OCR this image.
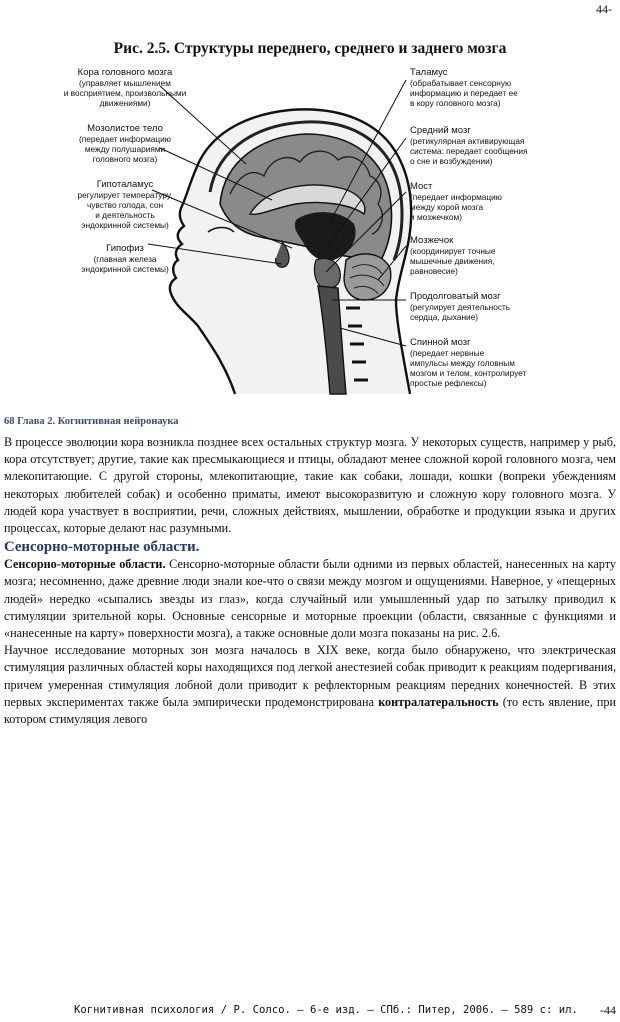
44-
Рис. 2.5. Структуры переднего, среднего и заднего мозга
Кора головного мозга
(управляет мышлением
и восприятием, произвольными
движениями)
Мозолистое тело
(передает информацию
между полушариями
головного мозга)
Гипоталамус
регулирует температуру,
чувство голода, сон
и деятельность
эндокринной системы)
Гипофиз
(главная железа
эндокринной системы)
Таламус
(обрабатывает сенсорную
информацию и передает ее
в кору головного мозга)
Средний мозг
(ретикулярная активирующая
система: передает сообщения
о сне и возбуждении)
Мост
(передает информацию
между корой мозга
и мозжечком)
Мозжечок
(координирует точные
мышечные движения,
равновесие)
Продолговатый мозг
(регулирует деятельность
сердца, дыхание)
Спинной мозг
(передает нервные
импульсы между головным
мозгом и телом, контролирует
простые рефлексы)
68 Глава 2. Когнитивная нейронаука

В процессе эволюции кора возникла позднее всех остальных структур мозга. У некоторых существ, например у рыб, кора отсутствует; другие, такие как пресмыкающиеся и птицы, обладают менее сложной корой головного мозга, чем млекопитающие. С другой стороны, млекопитающие, такие как собаки, лошади, кошки (вопреки убеждениям некоторых любителей собак) и особенно приматы, имеют высокоразвитую и сложную кору головного мозга. У людей кора участвует в восприятии, речи, сложных действиях, мышлении, обработке и продукции языка и других процессах, которые делают нас разумными.

Сенсорно-моторные области.

Сенсорно-моторные области. Сенсорно-моторные области были одними из первых областей, нанесенных на карту мозга; несомненно, даже древние люди знали кое-что о связи между мозгом и ощущениями. Наверное, у «пещерных людей» нередко «сыпались звезды из глаз», когда случайный или умышленный удар по затылку приводил к стимуляции зрительной коры. Основные сенсорные и моторные проекции (области, связанные с функциями и «нанесенные на карту» поверхности мозга), а также основные доли мозга показаны на рис. 2.6.

Научное исследование моторных зон мозга началось в XIX веке, когда было обнаружено, что электрическая стимуляция различных областей коры находящихся под легкой анестезией собак приводит к реакциям подергивания, причем умеренная стимуляция лобной доли приводит к рефлекторным реакциям передних конечностей. В этих первых экспериментах также была эмпирически продемонстрирована контралатеральность (то есть явление, при котором стимуляция левого

Когнитивная психология / Р. Солсо. — 6-е изд. — СПб.: Питер, 2006. — 589 с: ил. -44
